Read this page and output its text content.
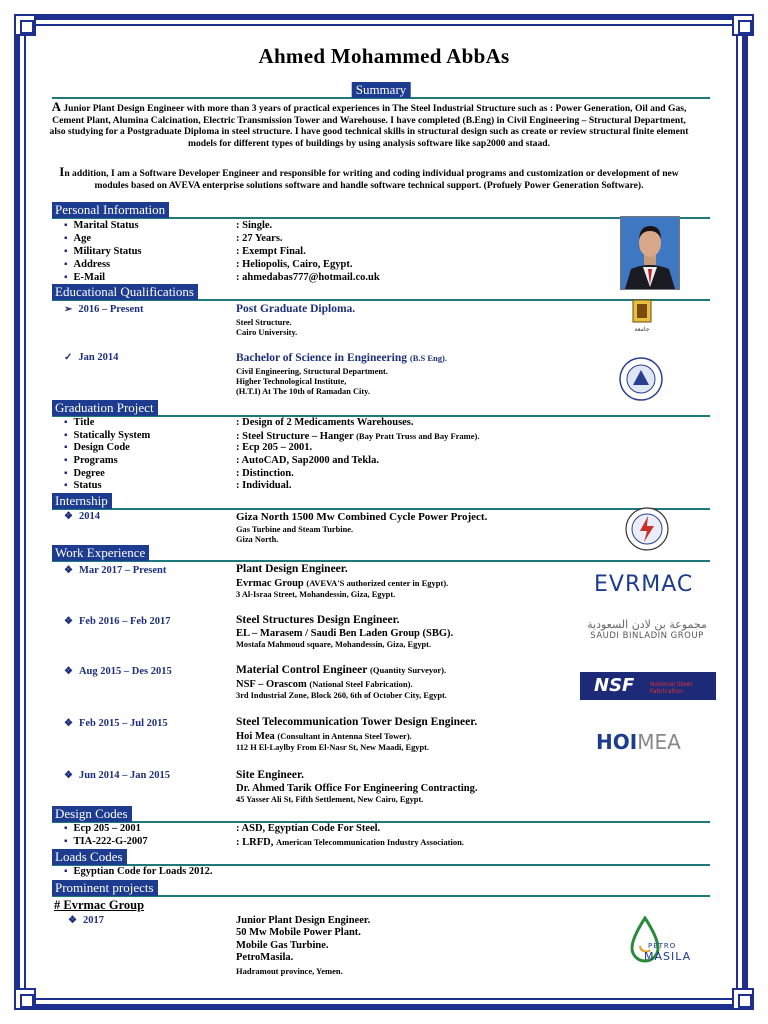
Ahmed Mohammed AbbAs
Summary
A Junior Plant Design Engineer with more than 3 years of practical experiences in The Steel Industrial Structure such as : Power Generation, Oil and Gas, Cement Plant, Alumina Calcination, Electric Transmission Tower and Warehouse. I have completed (B.Eng) in Civil Engineering – Structural Department, also studying for a Postgraduate Diploma in steel structure. I have good technical skills in structural design such as create or review structural finite element models for different types of buildings by using analysis software like sap2000 and staad.
In addition, I am a Software Developer Engineer and responsible for writing and coding individual programs and customization or development of new modules based on AVEVA enterprise solutions software and handle software technical support. (Profuely Power Generation Software).
Personal Information
▪ Marital Status	: Single.
▪ Age	: 27 Years.
▪ Military Status	: Exempt Final.
▪ Address	: Heliopolis, Cairo, Egypt.
▪ E-Mail	: ahmedabas777@hotmail.co.uk
Educational Qualifications
➢ 2016 – Present	Post Graduate Diploma.
Steel Structure.
Cairo University.	جامعة
✓ Jan 2014	Bachelor of Science in Engineering (B.S Eng).
Civil Engineering, Structural Department.
Higher Technological Institute,
(H.T.I) At The 10th of Ramadan City.
Graduation Project
▪ Title	: Design of 2 Medicaments Warehouses.
▪ Statically System	: Steel Structure – Hanger (Bay Pratt Truss and Bay Frame).
▪ Design Code	: Ecp 205 – 2001.
▪ Programs	: AutoCAD, Sap2000 and Tekla.
▪ Degree	: Distinction.
▪ Status	: Individual.
Internship
❖ 2014	Giza North 1500 Mw Combined Cycle Power Project.
Gas Turbine and Steam Turbine.
Giza North.
Work Experience
❖ Mar 2017 – Present	Plant Design Engineer.
Evrmac Group (AVEVA'S authorized center in Egypt).
3 Al-Israa Street, Mohandessin, Giza, Egypt.	EVRMAC
❖ Feb 2016 – Feb 2017	Steel Structures Design Engineer.
EL – Marasem / Saudi Ben Laden Group (SBG).
Mostafa Mahmoud square, Mohandessin, Giza, Egypt.
مجموعة بن لادن السعودية
SAUDI BINLADIN GROUP
❖ Aug 2015 – Des 2015	Material Control Engineer (Quantity Surveyor).
NSF – Orascom (National Steel Fabrication).
3rd Industrial Zone, Block 260, 6th of October City, Egypt.	NSF	National Steel Fabrication
❖ Feb 2015 – Jul 2015	Steel Telecommunication Tower Design Engineer.
Hoi Mea (Consultant in Antenna Steel Tower).
112 H El-Laylby From El-Nasr St, New Maadi, Egypt.	HOIMEA
❖ Jun 2014 – Jan 2015	Site Engineer.
Dr. Ahmed Tarik Office For Engineering Contracting.
45 Yasser Ali St, Fifth Settlement, New Cairo, Egypt.
Design Codes
▪ Ecp 205 – 2001	: ASD, Egyptian Code For Steel.
▪ TIA-222-G-2007	: LRFD, American Telecommunication Industry Association.
Loads Codes
▪ Egyptian Code for Loads 2012.
Prominent projects
# Evrmac Group
❖ 2017	Junior Plant Design Engineer.
50 Mw Mobile Power Plant.
Mobile Gas Turbine.
PetroMasila.
Hadramout province, Yemen.
PETRO
MASILA
